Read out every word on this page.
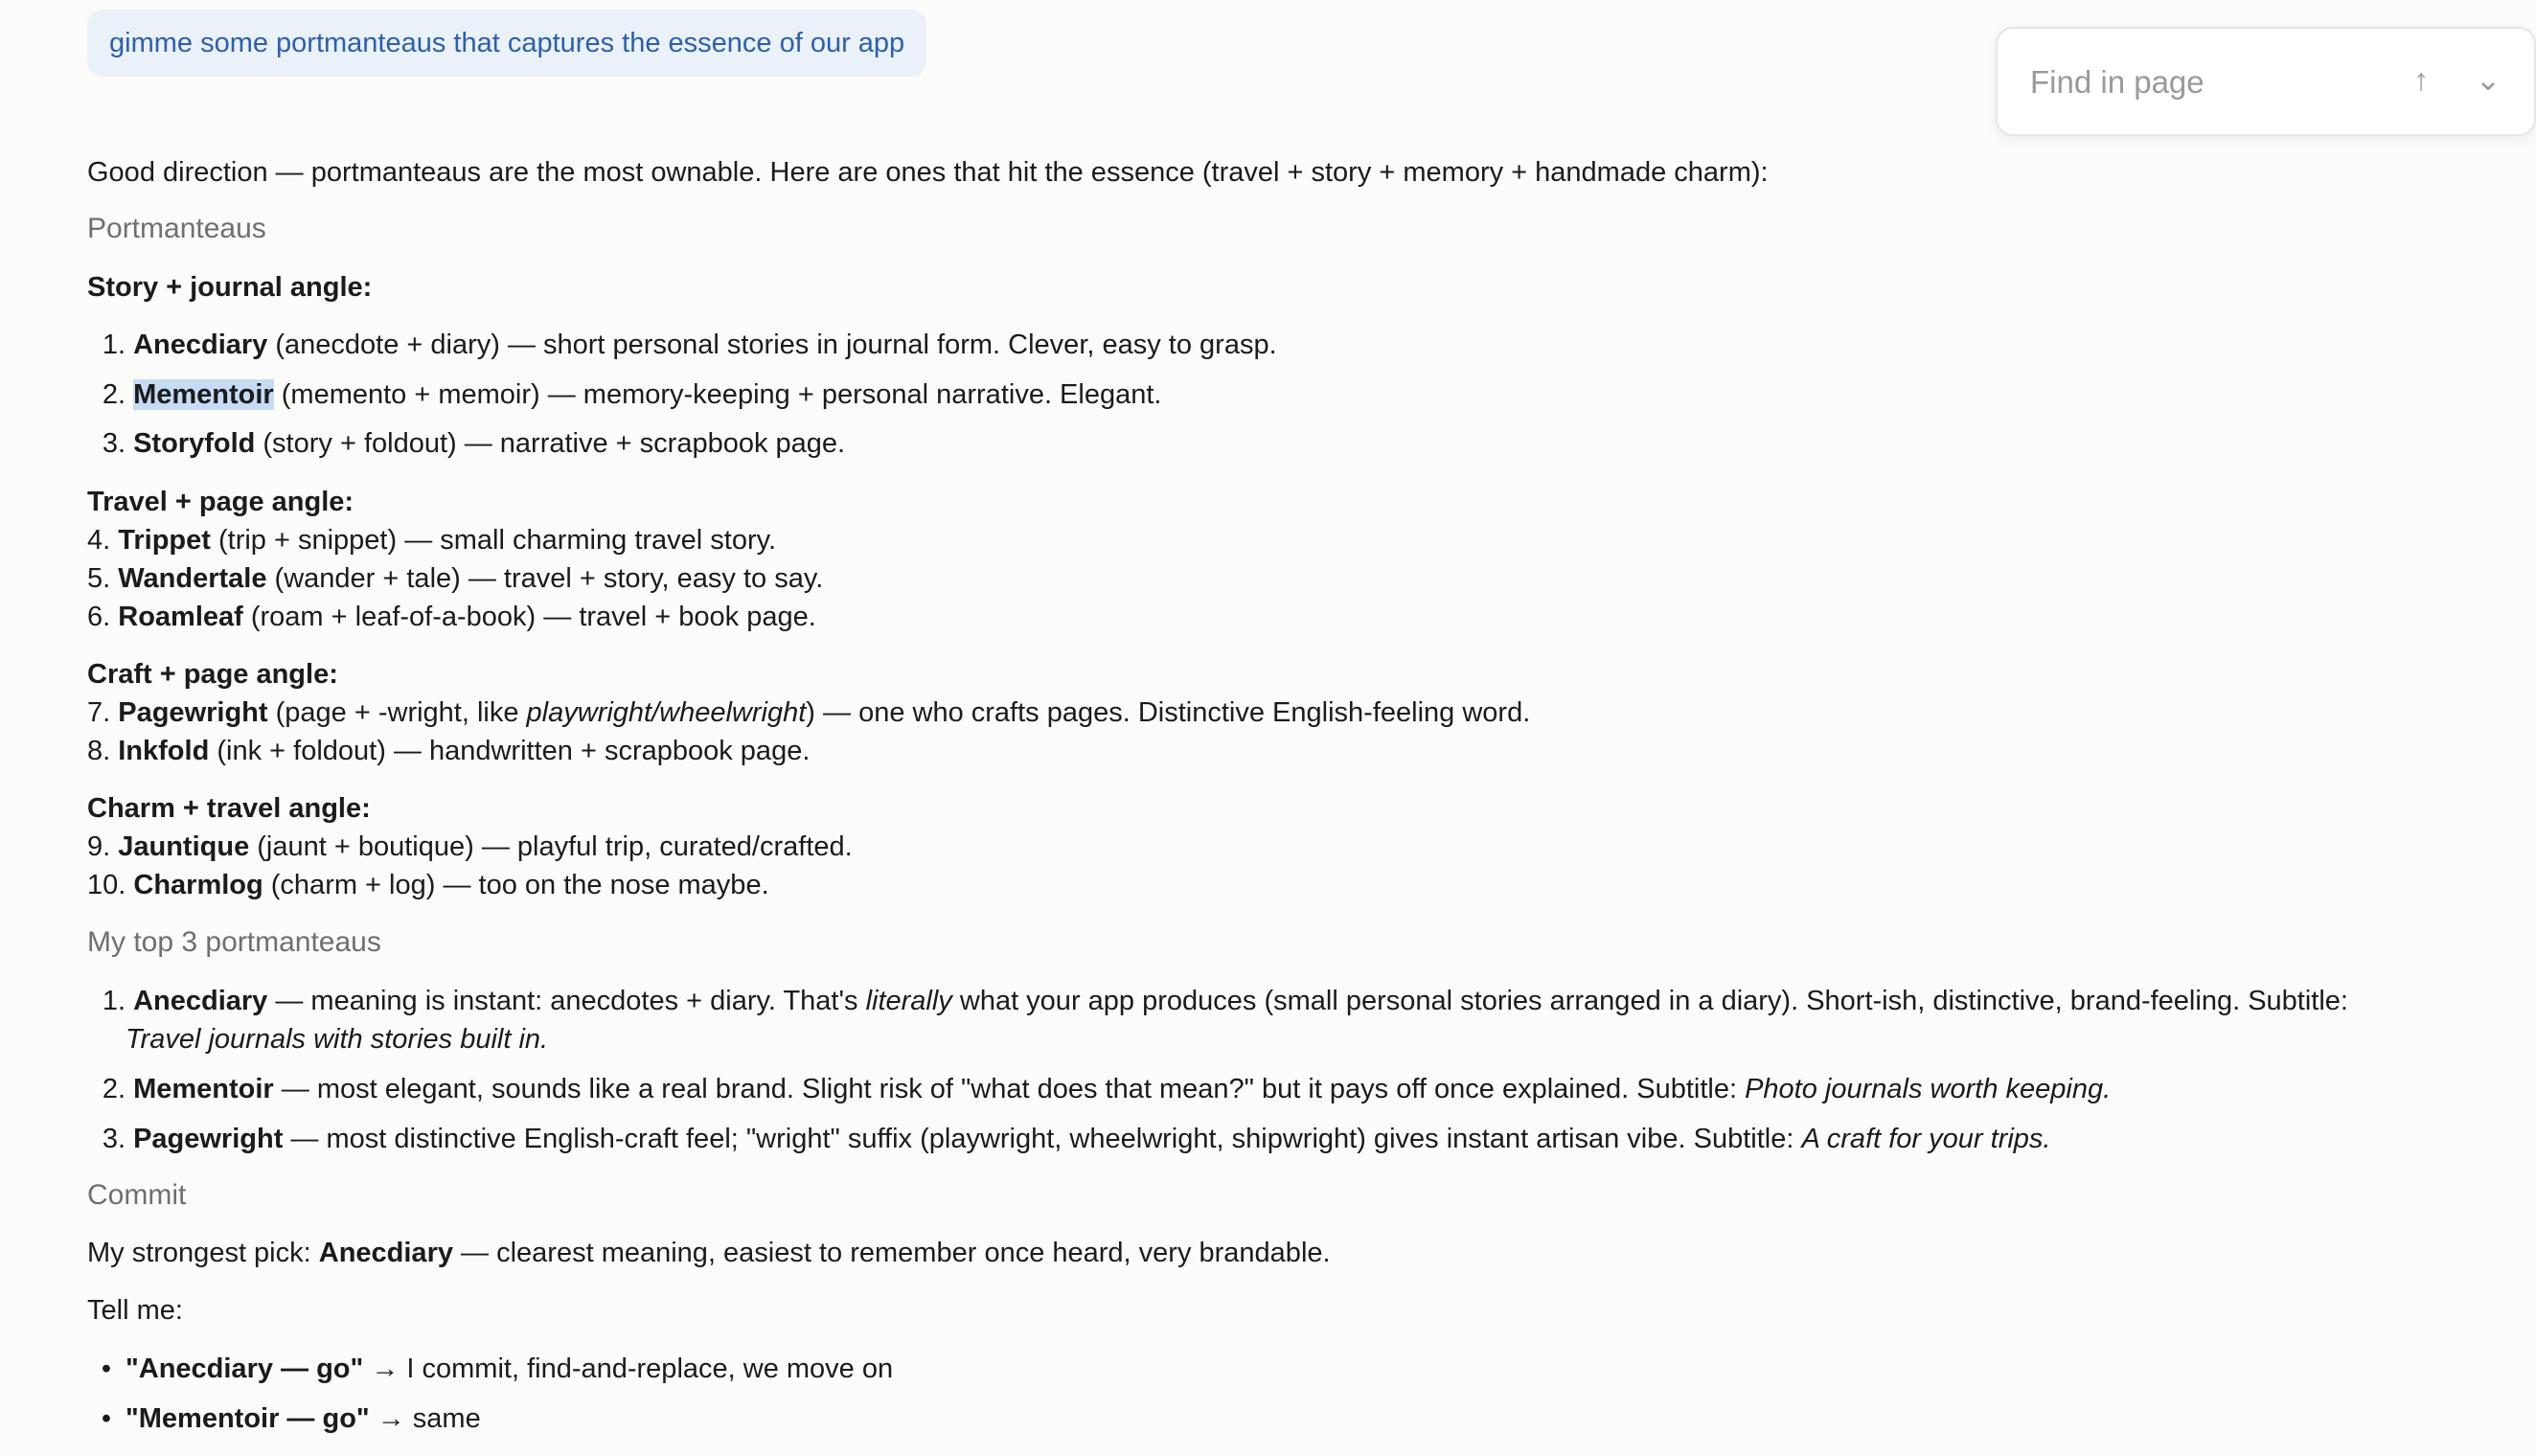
gimme some portmanteaus that captures the essence of our app
Find in page
↑	⌄
Good direction — portmanteaus are the most ownable. Here are ones that hit the essence (travel + story + memory + handmade charm):
Portmanteaus
Story + journal angle:
1. Anecdiary (anecdote + diary) — short personal stories in journal form. Clever, easy to grasp.
2. Mementoir (memento + memoir) — memory-keeping + personal narrative. Elegant.
3. Storyfold (story + foldout) — narrative + scrapbook page.
Travel + page angle:
4. Trippet (trip + snippet) — small charming travel story.
5. Wandertale (wander + tale) — travel + story, easy to say.
6. Roamleaf (roam + leaf-of-a-book) — travel + book page.
Craft + page angle:
7. Pagewright (page + -wright, like playwright/wheelwright) — one who crafts pages. Distinctive English-feeling word.
8. Inkfold (ink + foldout) — handwritten + scrapbook page.
Charm + travel angle:
9. Jauntique (jaunt + boutique) — playful trip, curated/crafted.
10. Charmlog (charm + log) — too on the nose maybe.
My top 3 portmanteaus
1. Anecdiary — meaning is instant: anecdotes + diary. That's literally what your app produces (small personal stories arranged in a diary). Short-ish, distinctive, brand-feeling. Subtitle:
Travel journals with stories built in.
2. Mementoir — most elegant, sounds like a real brand. Slight risk of "what does that mean?" but it pays off once explained. Subtitle: Photo journals worth keeping.
3. Pagewright — most distinctive English-craft feel; "wright" suffix (playwright, wheelwright, shipwright) gives instant artisan vibe. Subtitle: A craft for your trips.
Commit
My strongest pick: Anecdiary — clearest meaning, easiest to remember once heard, very brandable.
Tell me:
• "Anecdiary — go" → I commit, find-and-replace, we move on
• "Mementoir — go" → same
